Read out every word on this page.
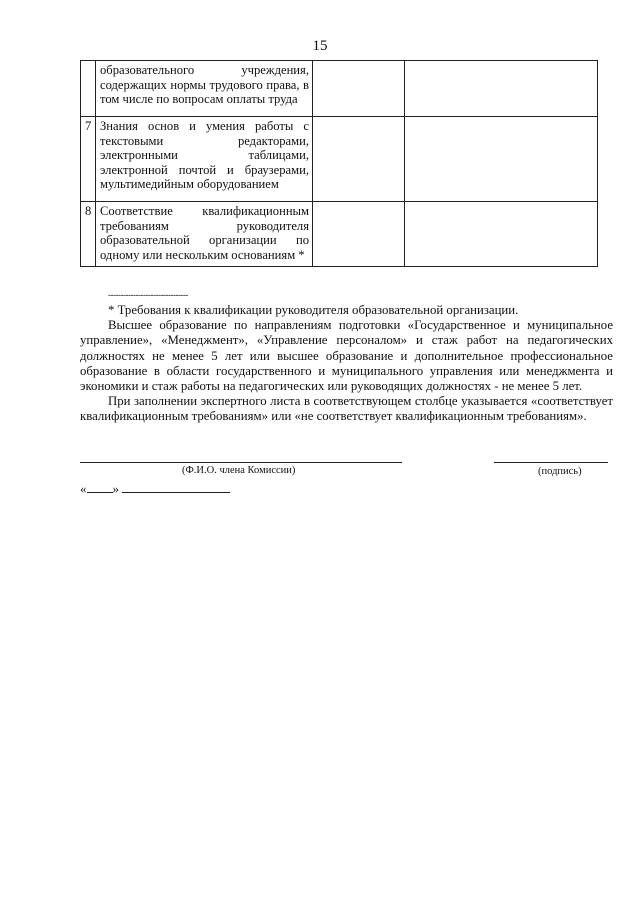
15
	образовательного учреждения, содержащих нормы трудового права, в том числе по вопросам оплаты труда		
7	Знания основ и умения работы с текстовыми редакторами, электронными таблицами, электронной почтой и браузерами, мультимедийным оборудованием		
8	Соответствие квалификационным требованиям руководителя образовательной организации по одному или нескольким основаниям *		
--------------------------------

* Требования к квалификации руководителя образовательной организации.

Высшее образование по направлениям подготовки «Государственное и муниципальное управление», «Менеджмент», «Управление персоналом» и стаж работ на педагогических должностях не менее 5 лет или высшее образование и дополнительное профессиональное образование в области государственного и муниципального управления или менеджмента и экономики и стаж работы на педагогических или руководящих должностях - не менее 5 лет.

При заполнении экспертного листа в соответствующем столбце указывается «соответствует квалификационным требованиям» или «не соответствует квалификационным требованиям».

(Ф.И.О. члена Комиссии)	(подпись)
« »
